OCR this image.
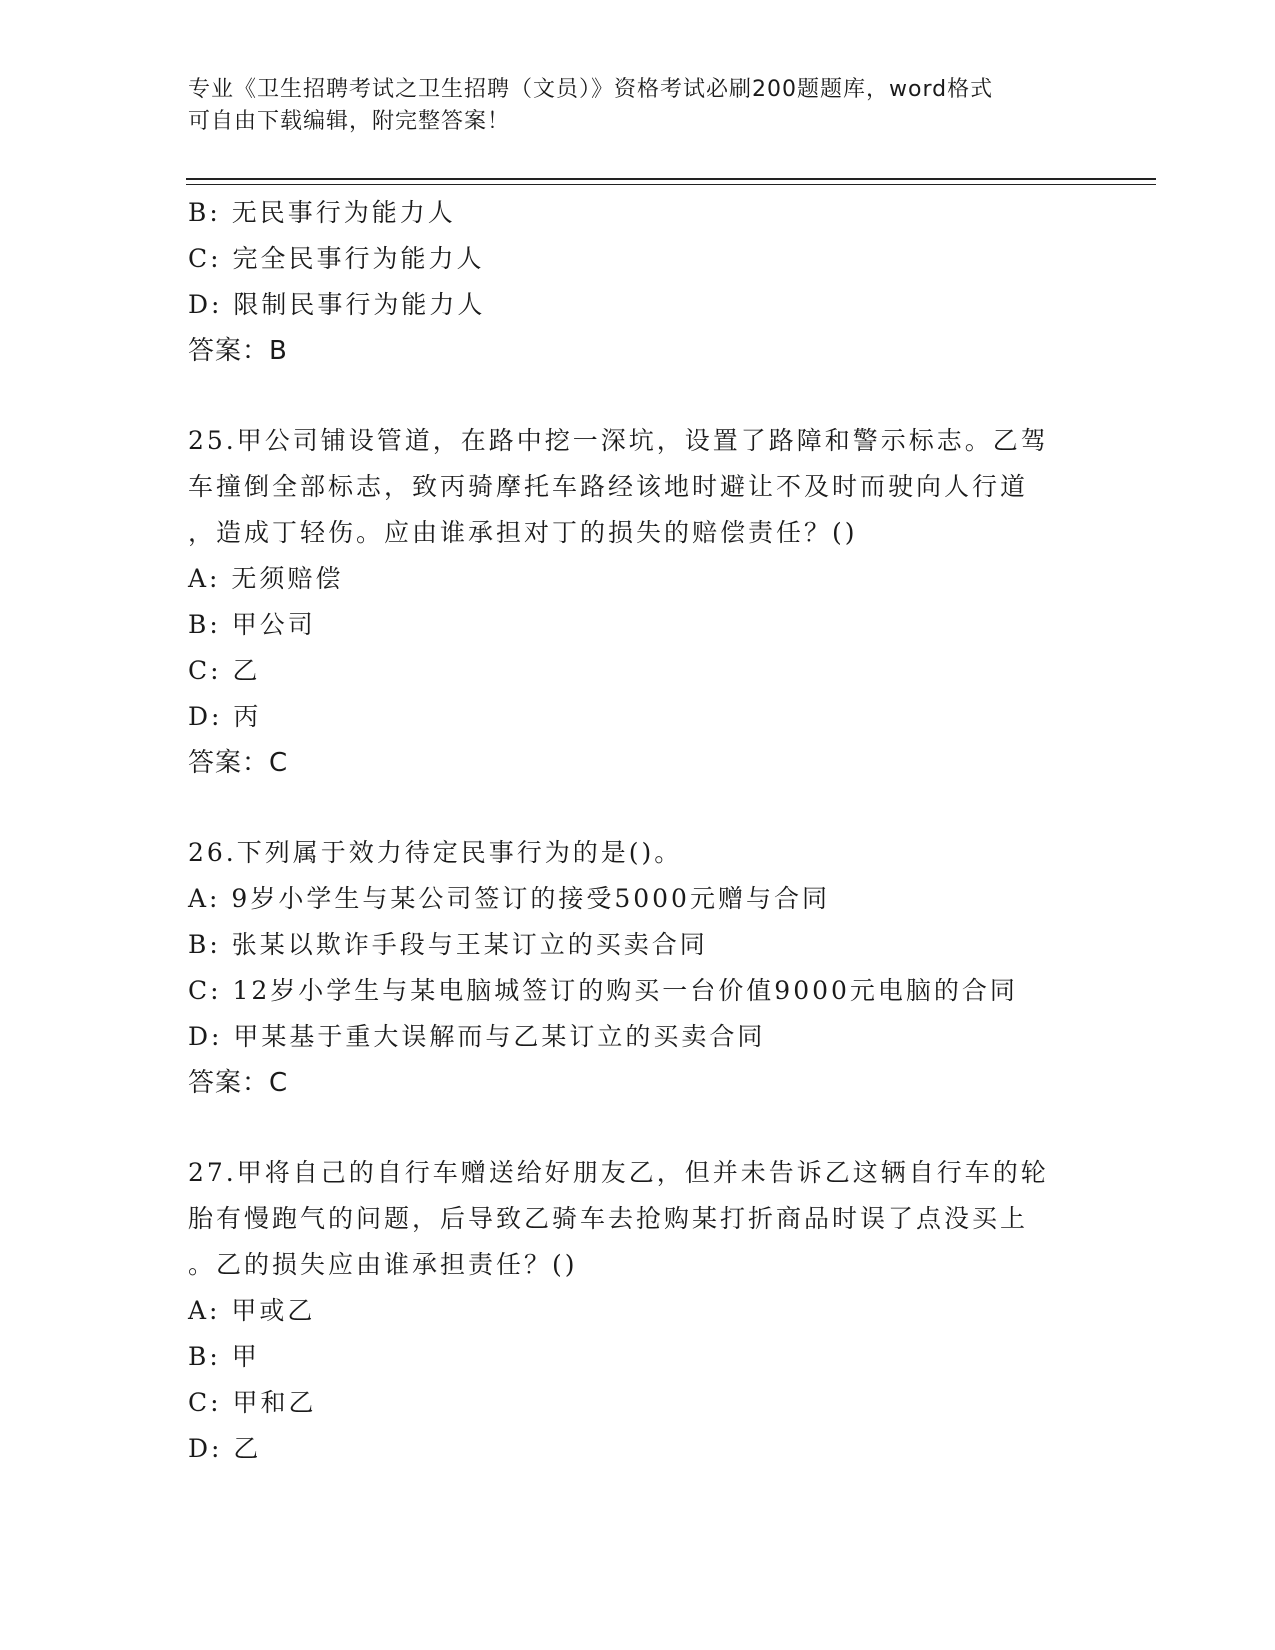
专业《卫生招聘考试之卫生招聘（文员）》资格考试必刷200题题库，word格式
可自由下载编辑，附完整答案！
B: 无民事行为能力人
C: 完全民事行为能力人
D: 限制民事行为能力人
答案：B
25.甲公司铺设管道，在路中挖一深坑，设置了路障和警示标志。乙驾
车撞倒全部标志，致丙骑摩托车路经该地时避让不及时而驶向人行道
，造成丁轻伤。应由谁承担对丁的损失的赔偿责任？()
A: 无须赔偿
B: 甲公司
C: 乙
D: 丙
答案：C
26.下列属于效力待定民事行为的是()。
A: 9岁小学生与某公司签订的接受5000元赠与合同
B: 张某以欺诈手段与王某订立的买卖合同
C: 12岁小学生与某电脑城签订的购买一台价值9000元电脑的合同
D: 甲某基于重大误解而与乙某订立的买卖合同
答案：C
27.甲将自己的自行车赠送给好朋友乙，但并未告诉乙这辆自行车的轮
胎有慢跑气的问题，后导致乙骑车去抢购某打折商品时误了点没买上
。乙的损失应由谁承担责任？()
A: 甲或乙
B: 甲
C: 甲和乙
D: 乙
